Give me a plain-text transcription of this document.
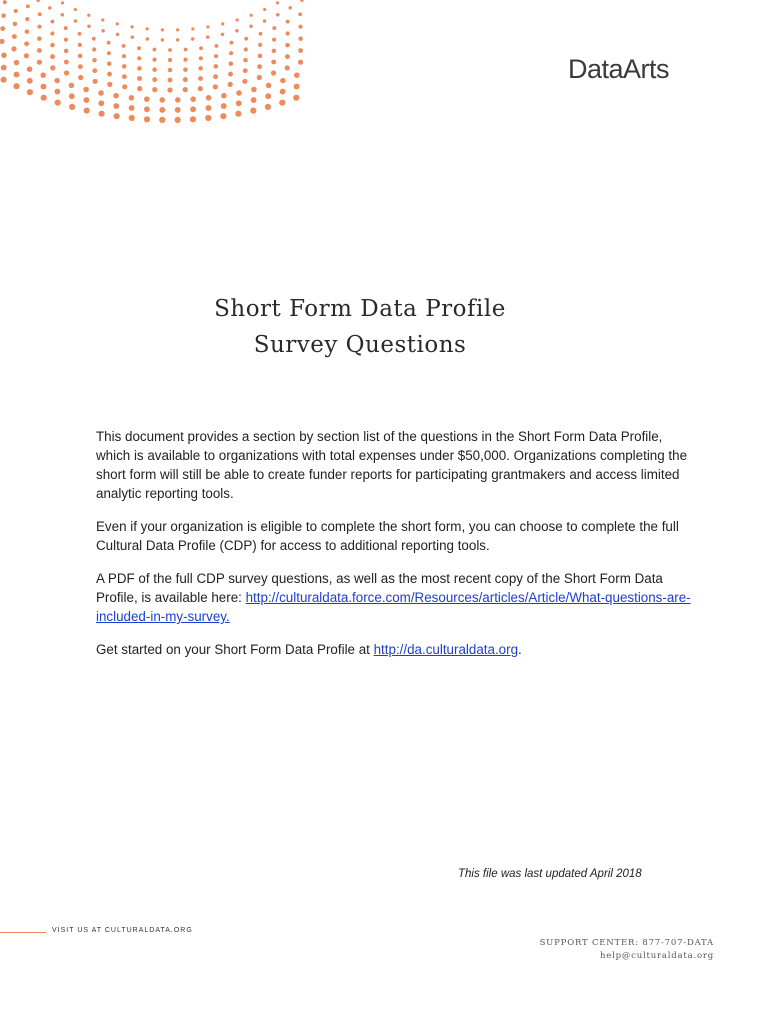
DataArts
Short Form Data Profile
Survey Questions

This document provides a section by section list of the questions in the Short Form Data Profile, which is available to organizations with total expenses under $50,000. Organizations completing the short form will still be able to create funder reports for participating grantmakers and access limited analytic reporting tools.

Even if your organization is eligible to complete the short form, you can choose to complete the full Cultural Data Profile (CDP) for access to additional reporting tools.

A PDF of the full CDP survey questions, as well as the most recent copy of the Short Form Data Profile, is available here: http://culturaldata.force.com/Resources/articles/Article/What-questions-are-included-in-my-survey.

Get started on your Short Form Data Profile at http://da.culturaldata.org.

This file was last updated April 2018
VISIT US AT CULTURALDATA.ORG
SUPPORT CENTER: 877-707-DATA
help@culturaldata.org
